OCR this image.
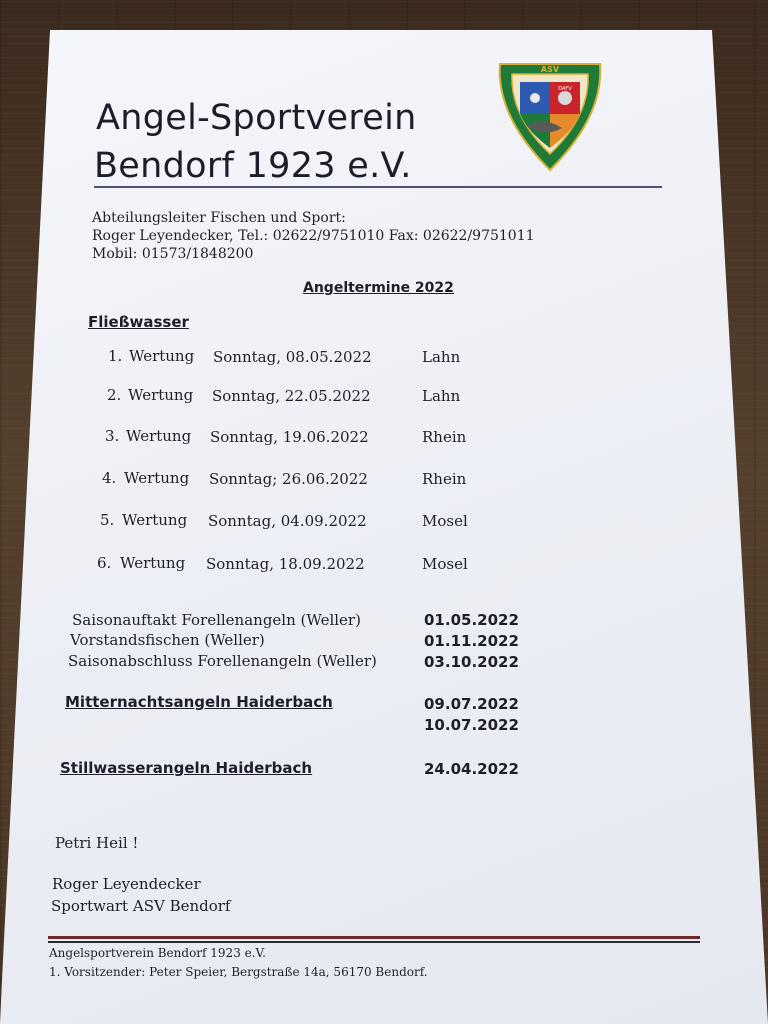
Angel-Sportverein
Bendorf 1923 e.V.
ASV
DAFV

Abteilungsleiter Fischen und Sport:

Roger Leyendecker, Tel.: 02622/9751010 Fax: 02622/9751011

Mobil: 01573/1848200

Angeltermine 2022

Fließwasser

1. Wertung Sonntag, 08.05.2022	Lahn
2. Wertung Sonntag, 22.05.2022	Lahn
3. Wertung Sonntag, 19.06.2022	Rhein
4. Wertung Sonntag; 26.06.2022	Rhein
5. Wertung Sonntag, 04.09.2022	Mosel
6. Wertung Sonntag, 18.09.2022	Mosel
Saisonauftakt Forellenangeln (Weller)	01.05.2022
Vorstandsfischen (Weller)	01.11.2022
Saisonabschluss Forellenangeln (Weller)	03.10.2022

Mitternachtsangeln Haiderbach	09.07.2022

10.07.2022

Stillwasserangeln Haiderbach	24.04.2022

Petri Heil !

Roger Leyendecker

Sportwart ASV Bendorf

Angelsportverein Bendorf 1923 e.V.

1. Vorsitzender: Peter Speier, Bergstraße 14a, 56170 Bendorf.
